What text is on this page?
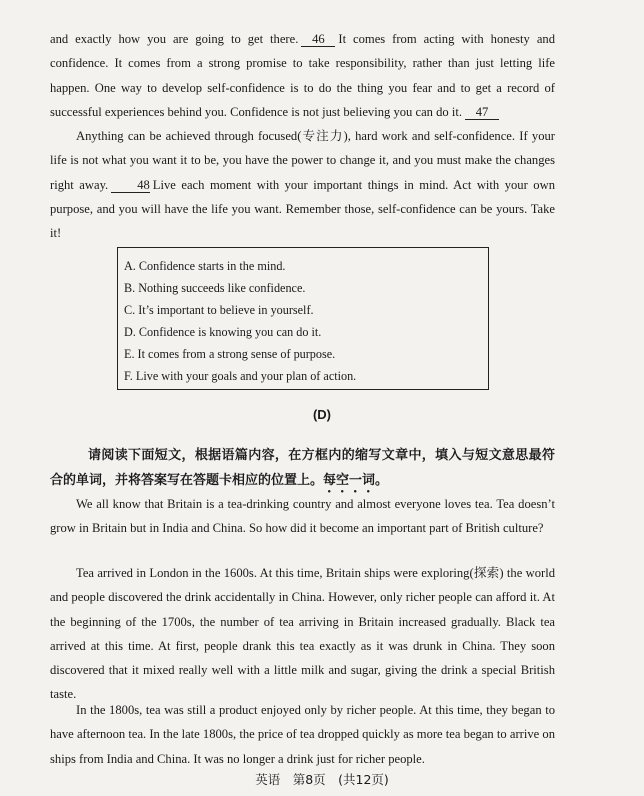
and exactly how you are going to get there. 46 It comes from acting with honesty and confidence. It comes from a strong promise to take responsibility, rather than just letting life happen. One way to develop self-confidence is to do the thing you fear and to get a record of successful experiences behind you. Confidence is not just believing you can do it. 47
Anything can be achieved through focused(专注力), hard work and self-confidence. If your life is not what you want it to be, you have the power to change it, and you must make the changes right away. 48 Live each moment with your important things in mind. Act with your own purpose, and you will have the life you want. Remember those, self-confidence can be yours. Take it!
A. Confidence starts in the mind.
B. Nothing succeeds like confidence.
C. It’s important to believe in yourself.
D. Confidence is knowing you can do it.
E. It comes from a strong sense of purpose.
F. Live with your goals and your plan of action.
(D)
请阅读下面短文，根据语篇内容，在方框内的缩写文章中，填入与短文意思最符合的单词，并将答案写在答题卡相应的位置上。每空一词。
We all know that Britain is a tea-drinking country and almost everyone loves tea. Tea doesn’t grow in Britain but in India and China. So how did it become an important part of British culture?
Tea arrived in London in the 1600s. At this time, Britain ships were exploring(探索) the world and people discovered the drink accidentally in China. However, only richer people can afford it. At the beginning of the 1700s, the number of tea arriving in Britain increased gradually. Black tea arrived at this time. At first, people drank this tea exactly as it was drunk in China. They soon discovered that it mixed really well with a little milk and sugar, giving the drink a special British taste.
In the 1800s, tea was still a product enjoyed only by richer people. At this time, they began to have afternoon tea. In the late 1800s, the price of tea dropped quickly as more tea began to arrive on ships from India and China. It was no longer a drink just for richer people.
英语　第8页　(共12页)
